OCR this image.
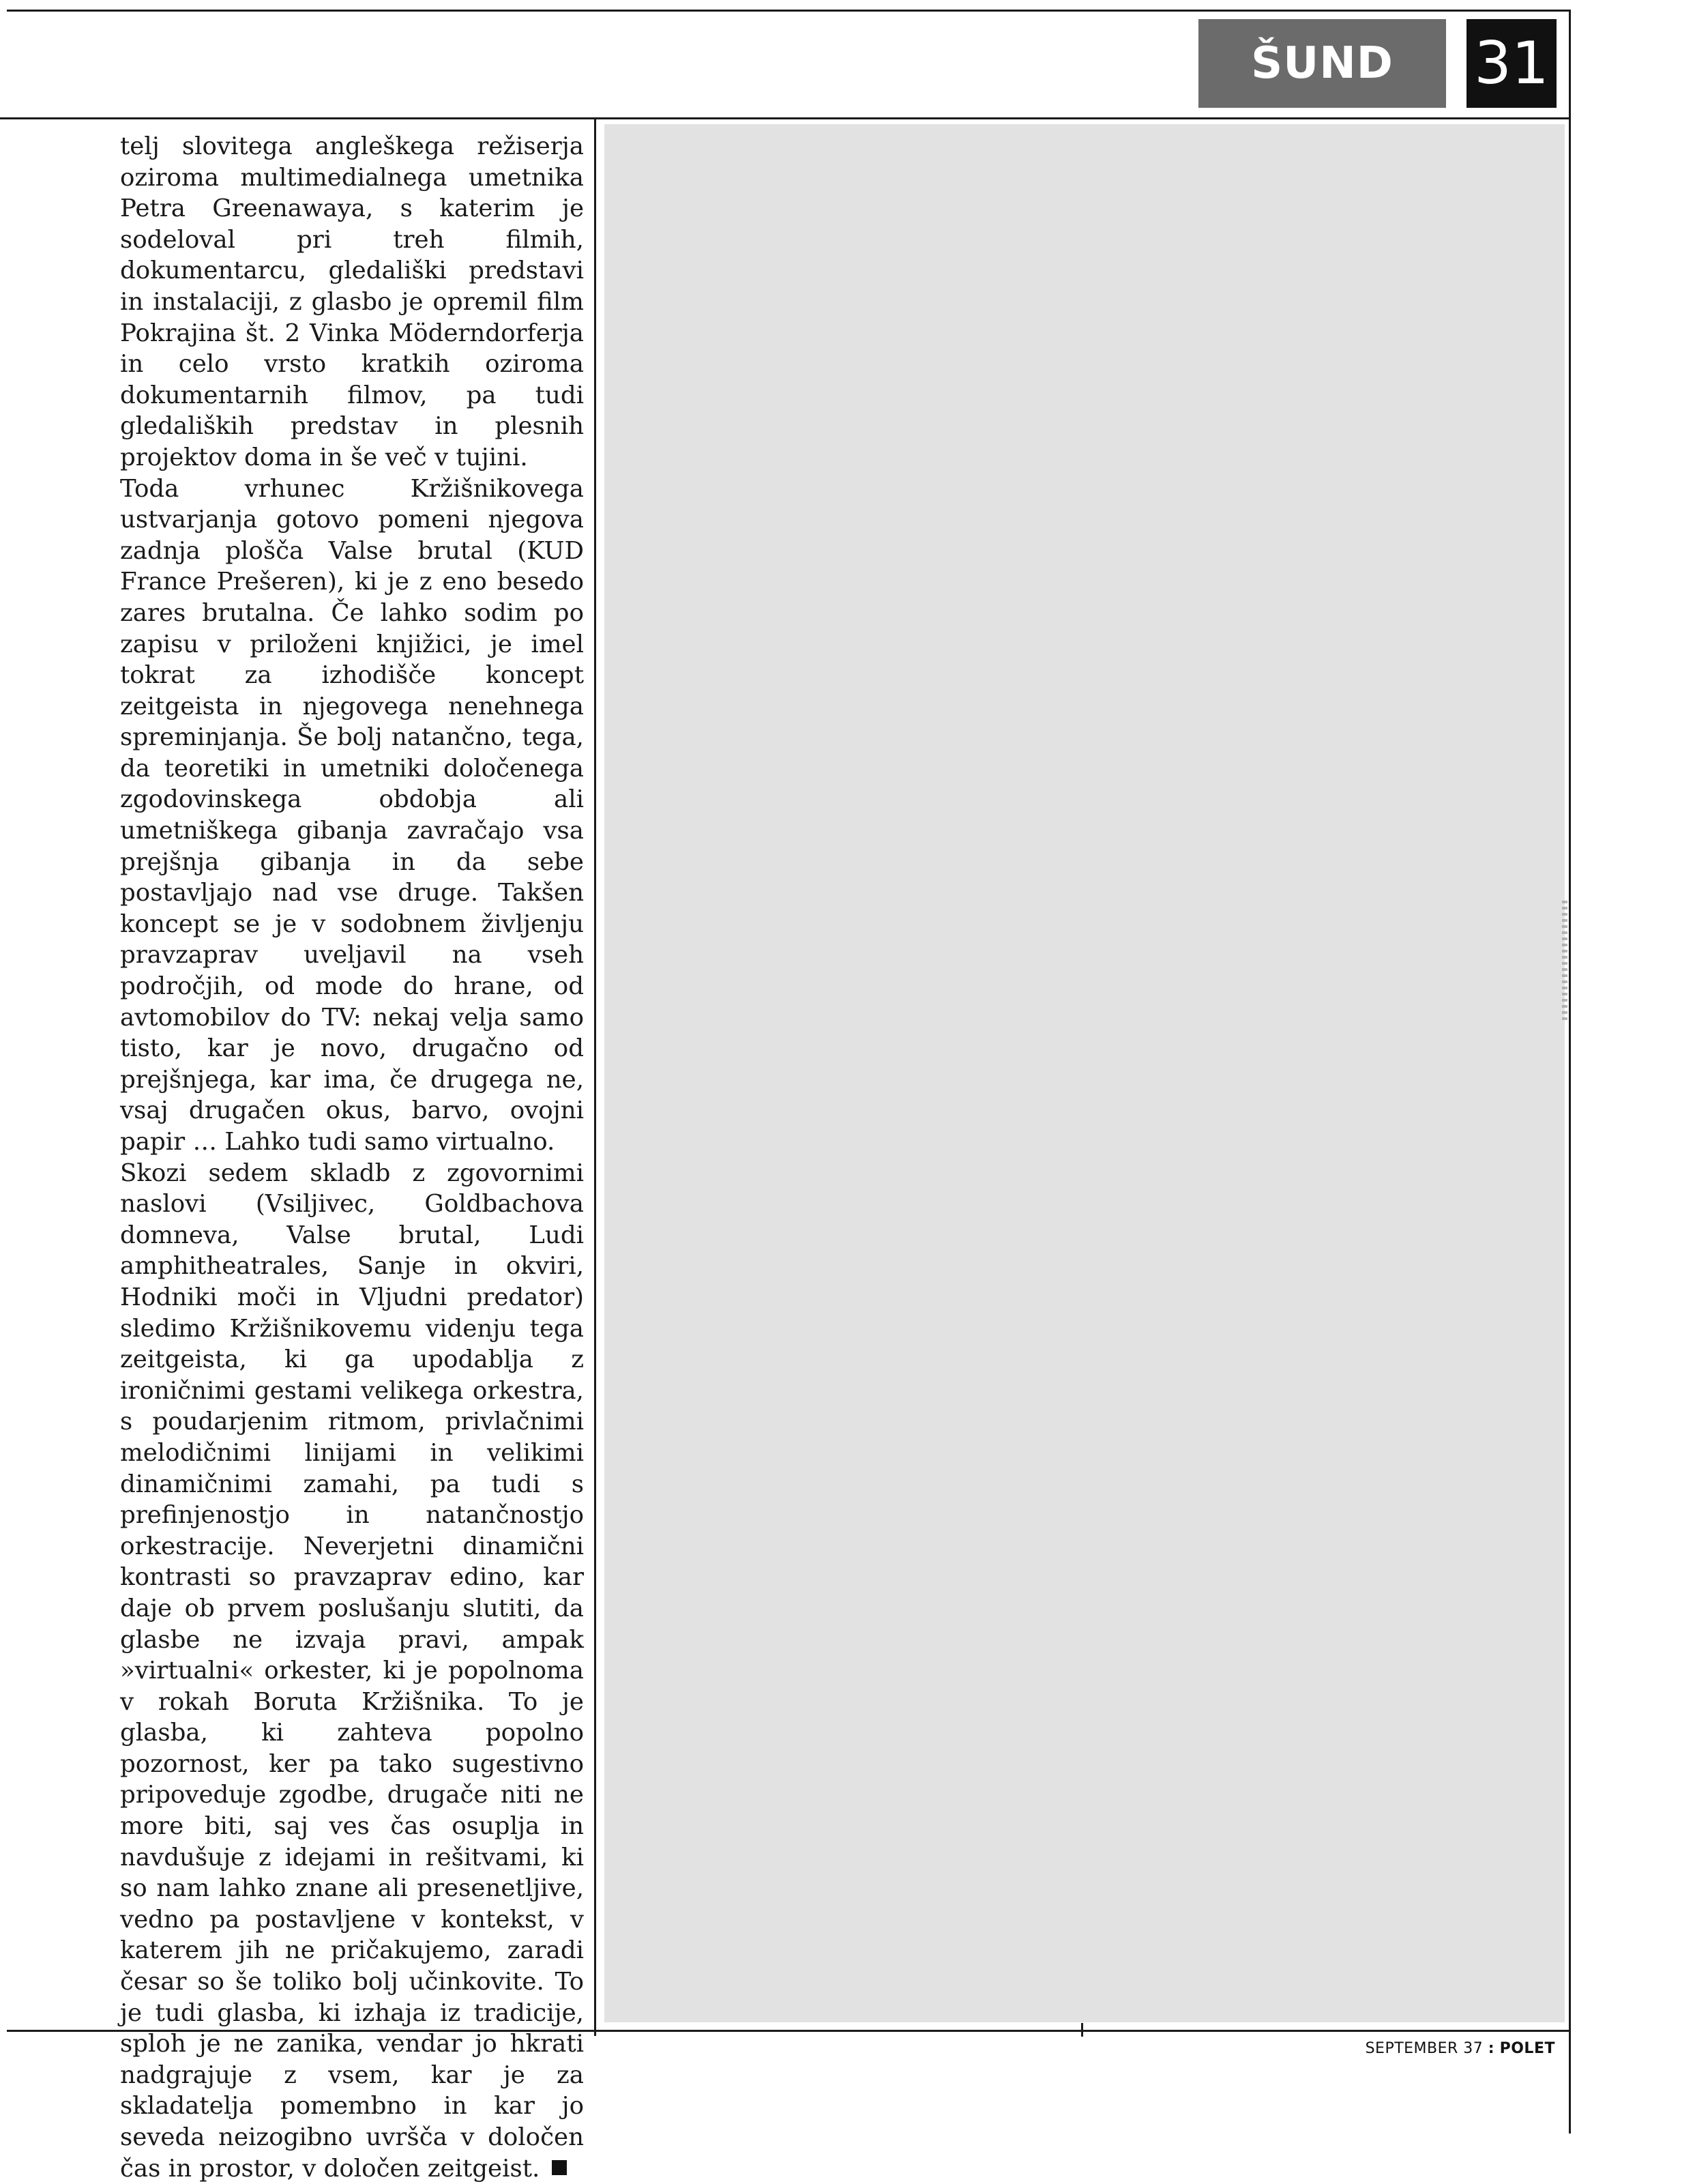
ŠUND 31

telj slovitega angleškega režiserja oziroma multimedialnega umetnika Petra Greenawaya, s katerim je sodeloval pri treh filmih, dokumentarcu, gledališki predstavi in instalaciji, z glasbo je opremil film Pokrajina št. 2 Vinka Möderndorferja in celo vrsto kratkih oziroma dokumentarnih filmov, pa tudi gledaliških predstav in plesnih projektov doma in še več v tujini.

Toda vrhunec Kržišnikovega ustvarjanja gotovo pomeni njegova zadnja plošča Valse brutal (KUD France Prešeren), ki je z eno besedo zares brutalna. Če lahko sodim po zapisu v priloženi knjižici, je imel tokrat za izhodišče koncept zeitgeista in njegovega nenehnega spreminjanja. Še bolj natančno, tega, da teoretiki in umetniki določenega zgodovinskega obdobja ali umetniškega gibanja zavračajo vsa prejšnja gibanja in da sebe postavljajo nad vse druge. Takšen koncept se je v sodobnem življenju pravzaprav uveljavil na vseh področjih, od mode do hrane, od avtomobilov do TV: nekaj velja samo tisto, kar je novo, drugačno od prejšnjega, kar ima, če drugega ne, vsaj drugačen okus, barvo, ovojni papir … Lahko tudi samo virtualno.

Skozi sedem skladb z zgovornimi naslovi (Vsiljivec, Goldbachova domneva, Valse brutal, Ludi amphitheatrales, Sanje in okviri, Hodniki moči in Vljudni predator) sledimo Kržišnikovemu videnju tega zeitgeista, ki ga upodablja z ironičnimi gestami velikega orkestra, s poudarjenim ritmom, privlačnimi melodičnimi linijami in velikimi dinamičnimi zamahi, pa tudi s prefinjenostjo in natančnostjo orkestracije. Neverjetni dinamični kontrasti so pravzaprav edino, kar daje ob prvem poslušanju slutiti, da glasbe ne izvaja pravi, ampak »virtualni« orkester, ki je popolnoma v rokah Boruta Kržišnika. To je glasba, ki zahteva popolno pozornost, ker pa tako sugestivno pripoveduje zgodbe, drugače niti ne more biti, saj ves čas osuplja in navdušuje z idejami in rešitvami, ki so nam lahko znane ali presenetljive, vedno pa postavljene v kontekst, v katerem jih ne pričakujemo, zaradi česar so še toliko bolj učinkovite. To je tudi glasba, ki izhaja iz tradicije, sploh je ne zanika, vendar jo hkrati nadgrajuje z vsem, kar je za skladatelja pomembno in kar jo seveda neizogibno uvršča v določen čas in prostor, v določen zeitgeist.

SEPTEMBER 37 : POLET
